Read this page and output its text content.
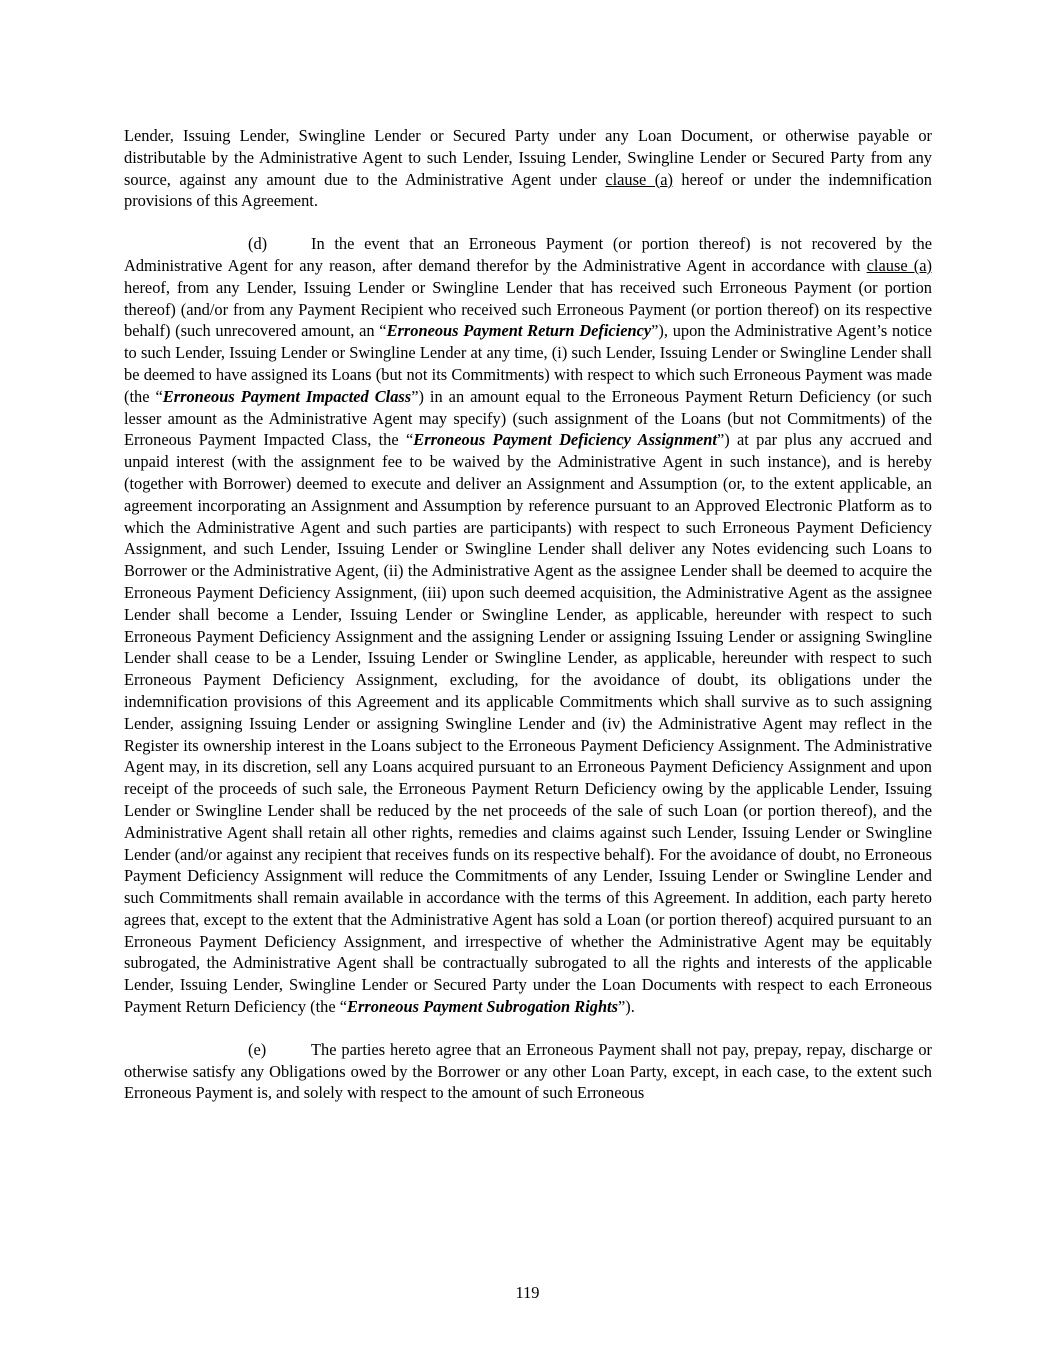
Lender, Issuing Lender, Swingline Lender or Secured Party under any Loan Document, or otherwise payable or distributable by the Administrative Agent to such Lender, Issuing Lender, Swingline Lender or Secured Party from any source, against any amount due to the Administrative Agent under clause (a) hereof or under the indemnification provisions of this Agreement.

(d)	In the event that an Erroneous Payment (or portion thereof) is not recovered by the Administrative Agent for any reason, after demand therefor by the Administrative Agent in accordance with clause (a) hereof, from any Lender, Issuing Lender or Swingline Lender that has received such Erroneous Payment (or portion thereof) (and/or from any Payment Recipient who received such Erroneous Payment (or portion thereof) on its respective behalf) (such unrecovered amount, an “Erroneous Payment Return Deficiency”), upon the Administrative Agent’s notice to such Lender, Issuing Lender or Swingline Lender at any time, (i) such Lender, Issuing Lender or Swingline Lender shall be deemed to have assigned its Loans (but not its Commitments) with respect to which such Erroneous Payment was made (the “Erroneous Payment Impacted Class”) in an amount equal to the Erroneous Payment Return Deficiency (or such lesser amount as the Administrative Agent may specify) (such assignment of the Loans (but not Commitments) of the Erroneous Payment Impacted Class, the “Erroneous Payment Deficiency Assignment”) at par plus any accrued and unpaid interest (with the assignment fee to be waived by the Administrative Agent in such instance), and is hereby (together with Borrower) deemed to execute and deliver an Assignment and Assumption (or, to the extent applicable, an agreement incorporating an Assignment and Assumption by reference pursuant to an Approved Electronic Platform as to which the Administrative Agent and such parties are participants) with respect to such Erroneous Payment Deficiency Assignment, and such Lender, Issuing Lender or Swingline Lender shall deliver any Notes evidencing such Loans to Borrower or the Administrative Agent, (ii) the Administrative Agent as the assignee Lender shall be deemed to acquire the Erroneous Payment Deficiency Assignment, (iii) upon such deemed acquisition, the Administrative Agent as the assignee Lender shall become a Lender, Issuing Lender or Swingline Lender, as applicable, hereunder with respect to such Erroneous Payment Deficiency Assignment and the assigning Lender or assigning Issuing Lender or assigning Swingline Lender shall cease to be a Lender, Issuing Lender or Swingline Lender, as applicable, hereunder with respect to such Erroneous Payment Deficiency Assignment, excluding, for the avoidance of doubt, its obligations under the indemnification provisions of this Agreement and its applicable Commitments which shall survive as to such assigning Lender, assigning Issuing Lender or assigning Swingline Lender and (iv) the Administrative Agent may reflect in the Register its ownership interest in the Loans subject to the Erroneous Payment Deficiency Assignment. The Administrative Agent may, in its discretion, sell any Loans acquired pursuant to an Erroneous Payment Deficiency Assignment and upon receipt of the proceeds of such sale, the Erroneous Payment Return Deficiency owing by the applicable Lender, Issuing Lender or Swingline Lender shall be reduced by the net proceeds of the sale of such Loan (or portion thereof), and the Administrative Agent shall retain all other rights, remedies and claims against such Lender, Issuing Lender or Swingline Lender (and/or against any recipient that receives funds on its respective behalf). For the avoidance of doubt, no Erroneous Payment Deficiency Assignment will reduce the Commitments of any Lender, Issuing Lender or Swingline Lender and such Commitments shall remain available in accordance with the terms of this Agreement. In addition, each party hereto agrees that, except to the extent that the Administrative Agent has sold a Loan (or portion thereof) acquired pursuant to an Erroneous Payment Deficiency Assignment, and irrespective of whether the Administrative Agent may be equitably subrogated, the Administrative Agent shall be contractually subrogated to all the rights and interests of the applicable Lender, Issuing Lender, Swingline Lender or Secured Party under the Loan Documents with respect to each Erroneous Payment Return Deficiency (the “Erroneous Payment Subrogation Rights”).

(e)	The parties hereto agree that an Erroneous Payment shall not pay, prepay, repay, discharge or otherwise satisfy any Obligations owed by the Borrower or any other Loan Party, except, in each case, to the extent such Erroneous Payment is, and solely with respect to the amount of such Erroneous

119
